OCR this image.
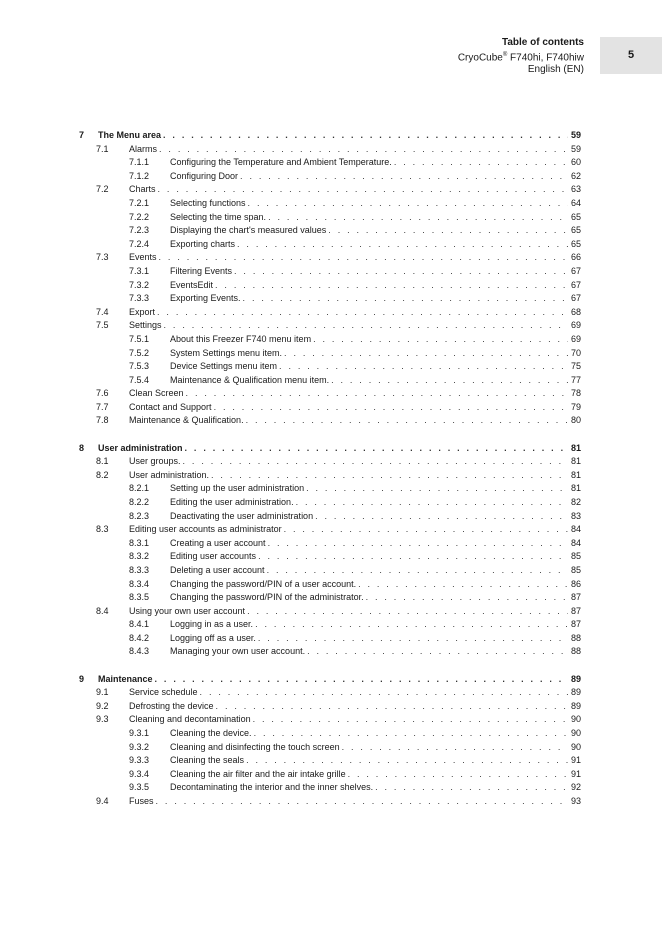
Table of contents
CryoCube® F740hi, F740hiw
English (EN)
5
7 The Menu area . . .	59
7.1 Alarms . . .	59
7.1.1 Configuring the Temperature and Ambient Temperature. . . .	60
7.1.2 Configuring Door . . .	62
7.2 Charts . . .	63
7.2.1 Selecting functions . . .	64
7.2.2 Selecting the time span. . . .	65
7.2.3 Displaying the chart's measured values . . .	65
7.2.4 Exporting charts . . .	65
7.3 Events . . .	66
7.3.1 Filtering Events . . .	67
7.3.2 EventsEdit . . .	67
7.3.3 Exporting Events. . . .	67
7.4 Export . . .	68
7.5 Settings . . .	69
7.5.1 About this Freezer F740 menu item . . .	69
7.5.2 System Settings menu item. . . .	70
7.5.3 Device Settings menu item . . .	75
7.5.4 Maintenance & Qualification menu item. . . .	77
7.6 Clean Screen . . .	78
7.7 Contact and Support . . .	79
7.8 Maintenance & Qualification. . . .	80
8 User administration . . .	81
8.1 User groups. . . .	81
8.2 User administration. . . .	81
8.2.1 Setting up the user administration . . .	81
8.2.2 Editing the user administration. . . .	82
8.2.3 Deactivating the user administration . . .	83
8.3 Editing user accounts as administrator . . .	84
8.3.1 Creating a user account . . .	84
8.3.2 Editing user accounts . . .	85
8.3.3 Deleting a user account . . .	85
8.3.4 Changing the password/PIN of a user account. . . .	86
8.3.5 Changing the password/PIN of the administrator. . . .	87
8.4 Using your own user account . . .	87
8.4.1 Logging in as a user. . . .	87
8.4.2 Logging off as a user. . . .	88
8.4.3 Managing your own user account. . . .	88
9 Maintenance . . .	89
9.1 Service schedule . . .	89
9.2 Defrosting the device . . .	89
9.3 Cleaning and decontamination . . .	90
9.3.1 Cleaning the device. . . .	90
9.3.2 Cleaning and disinfecting the touch screen . . .	90
9.3.3 Cleaning the seals . . .	91
9.3.4 Cleaning the air filter and the air intake grille . . .	91
9.3.5 Decontaminating the interior and the inner shelves. . . .	92
9.4 Fuses . . .	93
